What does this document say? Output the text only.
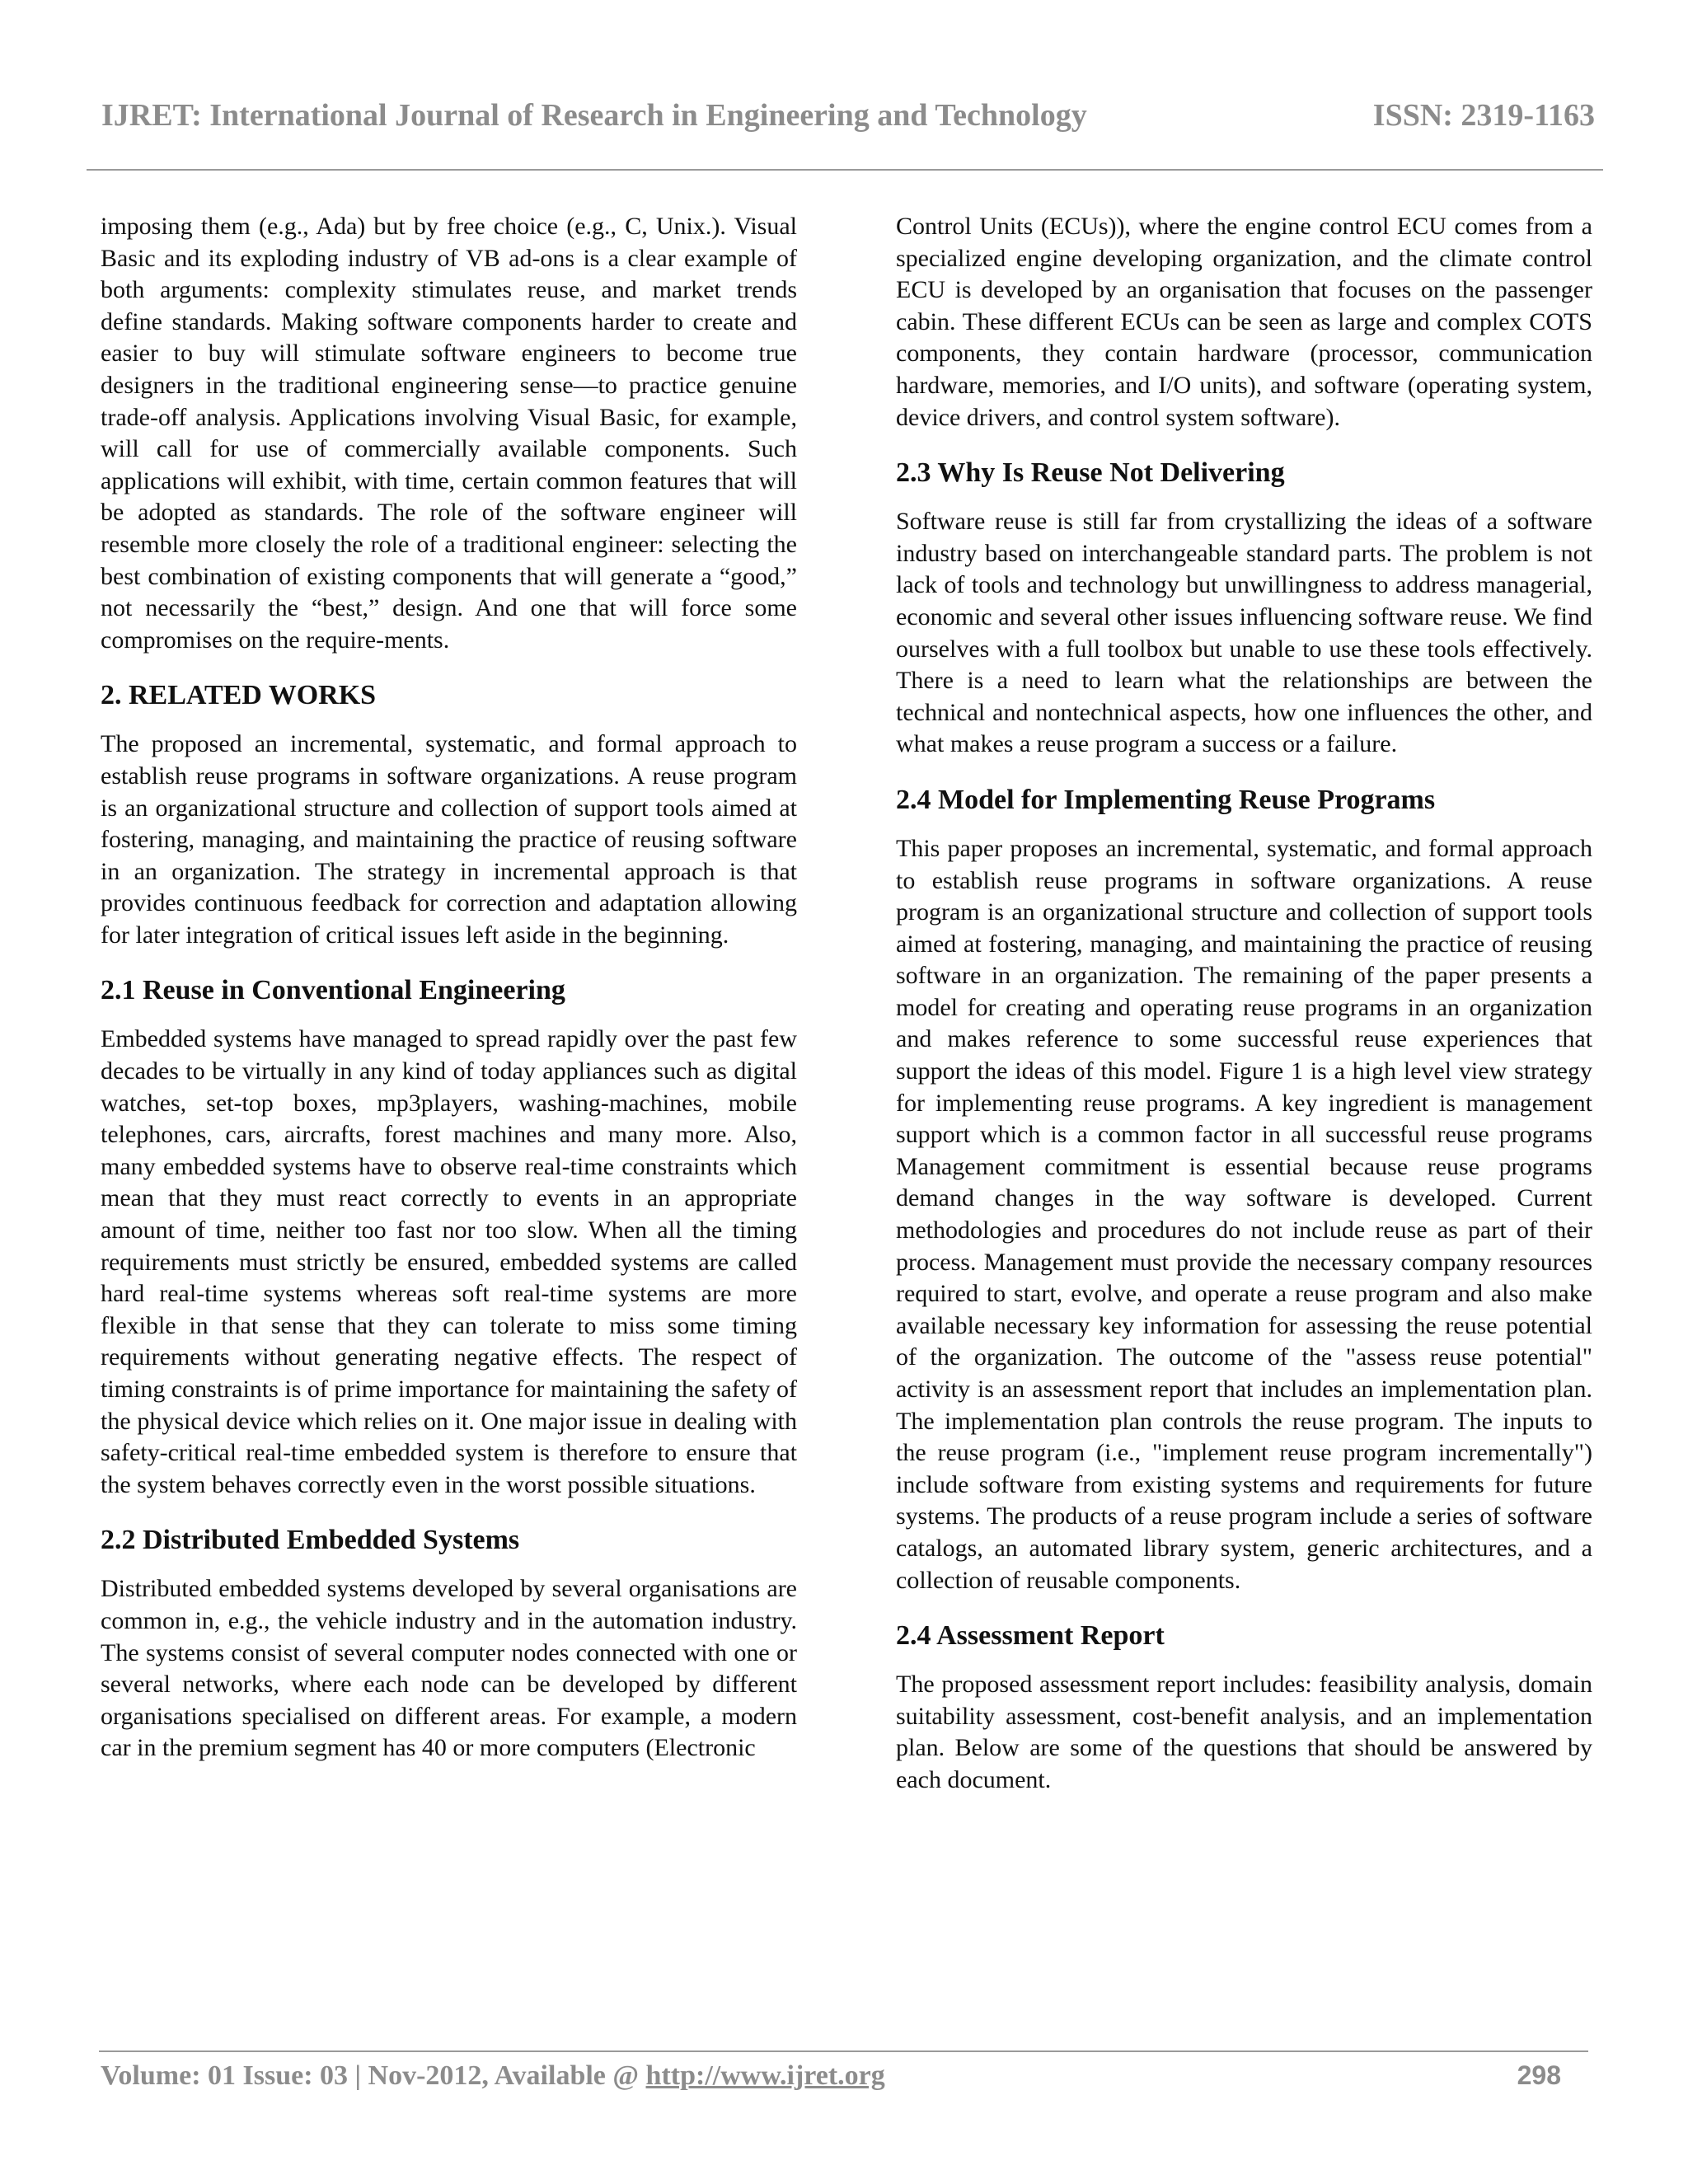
IJRET: International Journal of Research in Engineering and Technology	ISSN: 2319-1163

imposing them (e.g., Ada) but by free choice (e.g., C, Unix.). Visual Basic and its exploding industry of VB ad-ons is a clear example of both arguments: complexity stimulates reuse, and market trends define standards. Making software components harder to create and easier to buy will stimulate software engineers to become true designers in the traditional engineering sense—to practice genuine trade-off analysis. Applications involving Visual Basic, for example, will call for use of commercially available components. Such applications will exhibit, with time, certain common features that will be adopted as standards. The role of the software engineer will resemble more closely the role of a traditional engineer: selecting the best combination of existing components that will generate a “good,” not necessarily the “best,” design. And one that will force some compromises on the require-ments.

2. RELATED WORKS

The proposed an incremental, systematic, and formal approach to establish reuse programs in software organizations. A reuse program is an organizational structure and collection of support tools aimed at fostering, managing, and maintaining the practice of reusing software in an organization. The strategy in incremental approach is that provides continuous feedback for correction and adaptation allowing for later integration of critical issues left aside in the beginning.

2.1 Reuse in Conventional Engineering

Embedded systems have managed to spread rapidly over the past few decades to be virtually in any kind of today appliances such as digital watches, set-top boxes, mp3players, washing-machines, mobile telephones, cars, aircrafts, forest machines and many more. Also, many embedded systems have to observe real-time constraints which mean that they must react correctly to events in an appropriate amount of time, neither too fast nor too slow. When all the timing requirements must strictly be ensured, embedded systems are called hard real-time systems whereas soft real-time systems are more flexible in that sense that they can tolerate to miss some timing requirements without generating negative effects. The respect of timing constraints is of prime importance for maintaining the safety of the physical device which relies on it. One major issue in dealing with safety-critical real-time embedded system is therefore to ensure that the system behaves correctly even in the worst possible situations.

2.2 Distributed Embedded Systems

Distributed embedded systems developed by several organisations are common in, e.g., the vehicle industry and in the automation industry. The systems consist of several computer nodes connected with one or several networks, where each node can be developed by different organisations specialised on different areas. For example, a modern car in the premium segment has 40 or more computers (Electronic

Control Units (ECUs)), where the engine control ECU comes from a specialized engine developing organization, and the climate control ECU is developed by an organisation that focuses on the passenger cabin. These different ECUs can be seen as large and complex COTS components, they contain hardware (processor, communication hardware, memories, and I/O units), and software (operating system, device drivers, and control system software).

2.3 Why Is Reuse Not Delivering

Software reuse is still far from crystallizing the ideas of a software industry based on interchangeable standard parts. The problem is not lack of tools and technology but unwillingness to address managerial, economic and several other issues influencing software reuse. We find ourselves with a full toolbox but unable to use these tools effectively. There is a need to learn what the relationships are between the technical and nontechnical aspects, how one influences the other, and what makes a reuse program a success or a failure.

2.4 Model for Implementing Reuse Programs

This paper proposes an incremental, systematic, and formal approach to establish reuse programs in software organizations. A reuse program is an organizational structure and collection of support tools aimed at fostering, managing, and maintaining the practice of reusing software in an organization. The remaining of the paper presents a model for creating and operating reuse programs in an organization and makes reference to some successful reuse experiences that support the ideas of this model. Figure 1 is a high level view strategy for implementing reuse programs. A key ingredient is management support which is a common factor in all successful reuse programs Management commitment is essential because reuse programs demand changes in the way software is developed. Current methodologies and procedures do not include reuse as part of their process. Management must provide the necessary company resources required to start, evolve, and operate a reuse program and also make available necessary key information for assessing the reuse potential of the organization. The outcome of the "assess reuse potential" activity is an assessment report that includes an implementation plan. The implementation plan controls the reuse program. The inputs to the reuse program (i.e., "implement reuse program incrementally") include software from existing systems and requirements for future systems. The products of a reuse program include a series of software catalogs, an automated library system, generic architectures, and a collection of reusable components.

2.4 Assessment Report

The proposed assessment report includes: feasibility analysis, domain suitability assessment, cost-benefit analysis, and an implementation plan. Below are some of the questions that should be answered by each document.

Volume: 01 Issue: 03 | Nov-2012, Available @ http://www.ijret.org	298
